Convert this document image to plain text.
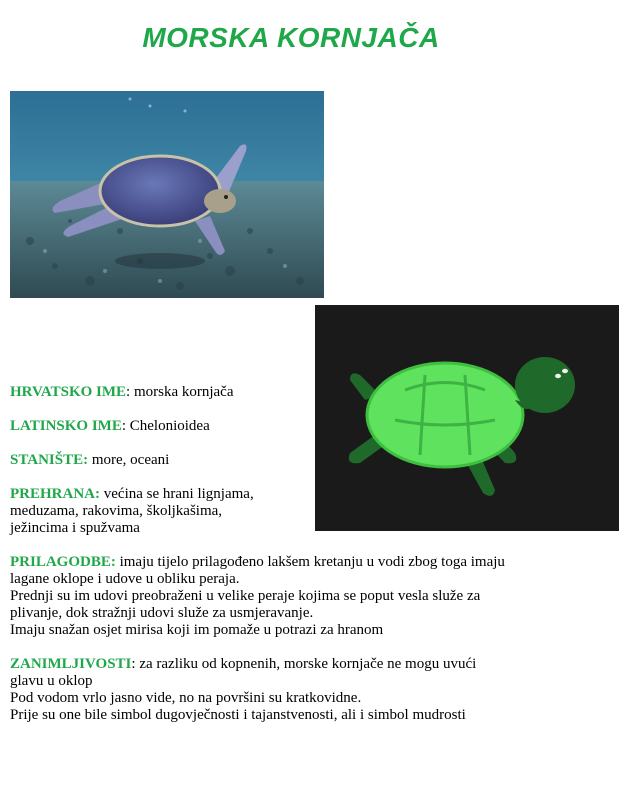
MORSKA KORNJAČA

HRVATSKO IME: morska kornjača

LATINSKO IME: Chelonioidea

STANIŠTE: more, oceani

PREHRANA: većina se hrani lignjama,
meduzama, rakovima, školjkašima,
ježincima i spužvama

PRILAGODBE: imaju tijelo prilagođeno lakšem kretanju u vodi zbog toga imaju
lagane oklope i udove u obliku peraja.
Prednji su im udovi preobraženi u velike peraje kojima se poput vesla služe za
plivanje, dok stražnji udovi služe za usmjeravanje.
Imaju snažan osjet mirisa koji im pomaže u potrazi za hranom

ZANIMLJIVOSTI: za razliku od kopnenih, morske kornjače ne mogu uvući
glavu u oklop
Pod vodom vrlo jasno vide, no na površini su kratkovidne.
Prije su one bile simbol dugovječnosti i tajanstvenosti, ali i simbol mudrosti
